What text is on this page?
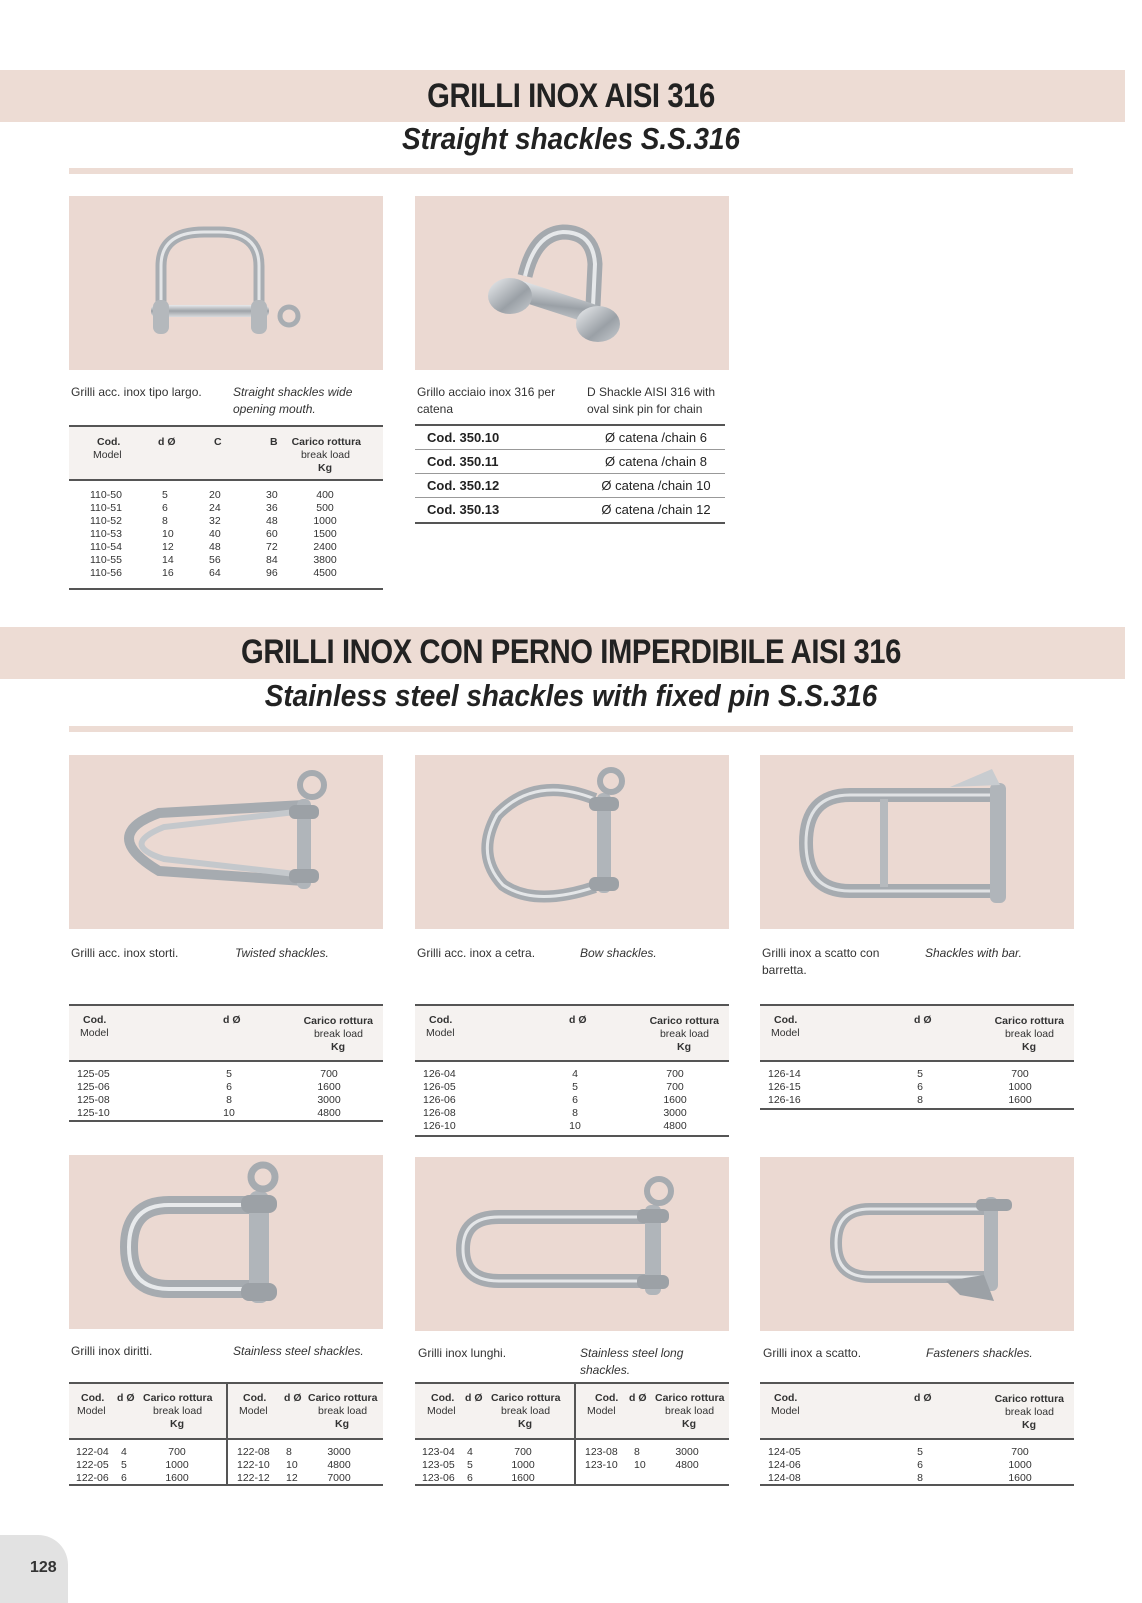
GRILLI INOX AISI 316
Straight shackles S.S.316
Grilli acc. inox tipo largo.	Straight shackles wide opening mouth.
Cod.
Model
d Ø	C	B Carico rottura
break load
Kg
110-50	5	20	30	400
110-51	6	24	36	500
110-52	8	32	48	1000
110-53	10	40	60	1500
110-54	12	48	72	2400
110-55	14	56	84	3800
110-56	16	64	96	4500
Grillo acciaio inox 316 per catena
D Shackle AISI 316 with oval sink pin for chain
Cod. 350.10	Ø catena /chain 6
Cod. 350.11	Ø catena /chain 8
Cod. 350.12	Ø catena /chain 10
Cod. 350.13	Ø catena /chain 12
GRILLI INOX CON PERNO IMPERDIBILE AISI 316
Stainless steel shackles with fixed pin S.S.316
Grilli acc. inox storti.	Twisted shackles.
Cod.
Model
d Ø	Carico rottura
break load
Kg
125-05	5	700
125-06	6	1600
125-08	8	3000
125-10	10	4800
Grilli acc. inox a cetra.	Bow shackles.
Cod.
Model
d Ø	Carico rottura
break load
Kg
126-04	4	700
126-05	5	700
126-06	6	1600
126-08	8	3000
126-10	10	4800
Grilli inox a scatto con barretta.
Shackles with bar.
Cod.
Model
d Ø	Carico rottura
break load
Kg
126-14	5	700
126-15	6	1000
126-16	8	1600
Grilli inox diritti.	Stainless steel shackles.
Cod.
Model
d Ø Carico rottura
break load
Kg
Cod.
Model
d Ø Carico rottura
break load
Kg
122-04 4	700
122-05 5	1000
122-06 6	1600
122-08 8	3000
122-10 10	4800
122-12 12	7000
Grilli inox lunghi.	Stainless steel long shackles.
Cod.
Model
d Ø Carico rottura
break load
Kg
Cod.
Model
d Ø Carico rottura
break load
Kg
123-04 4	700
123-05 5	1000
123-06 6	1600
123-08 8	3000
123-10 10	4800
Grilli inox a scatto.	Fasteners shackles.
Cod.
Model
d Ø	Carico rottura
break load
Kg
124-05	5	700
124-06	6	1000
124-08	8	1600
128
